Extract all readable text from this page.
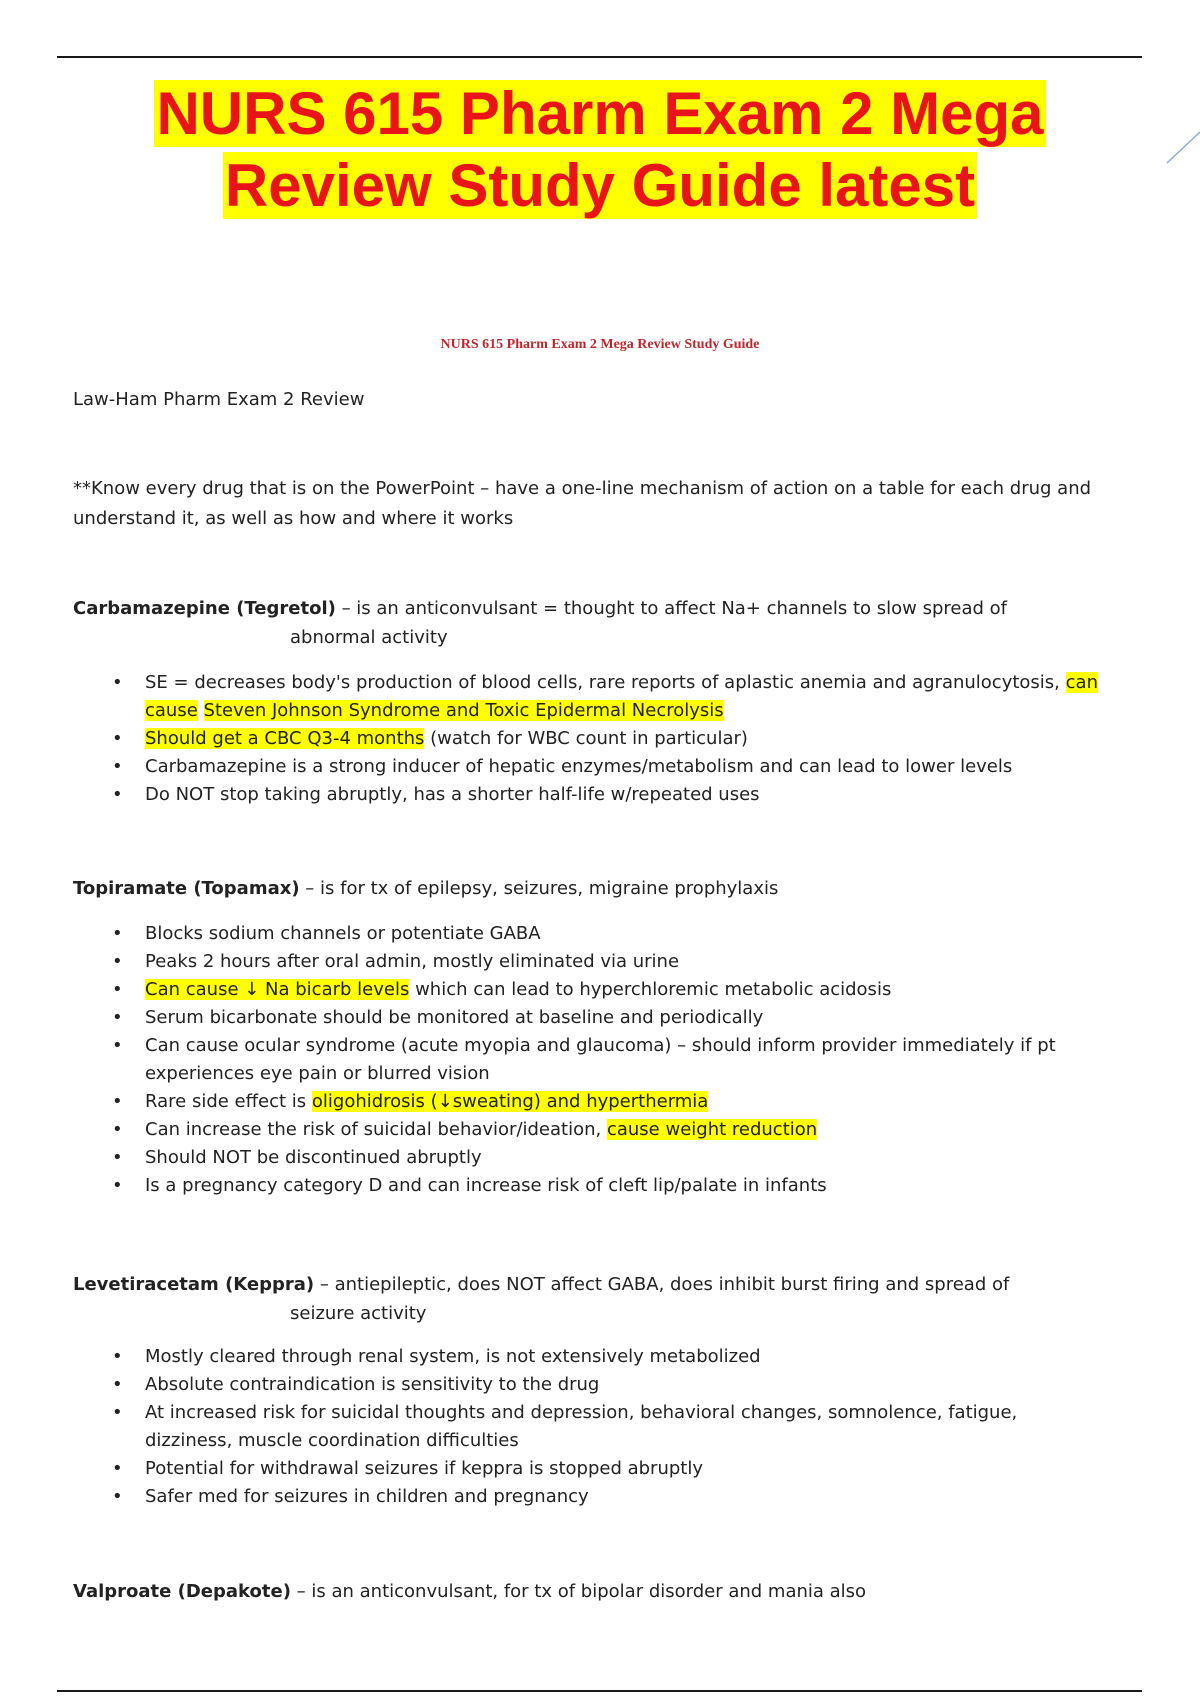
NURS 615 Pharm Exam 2 Mega
Review Study Guide latest
NURS 615 Pharm Exam 2 Mega Review Study Guide
Law-Ham Pharm Exam 2 Review
**Know every drug that is on the PowerPoint – have a one-line mechanism of action on a table for each drug and
understand it, as well as how and where it works
Carbamazepine (Tegretol) – is an anticonvulsant = thought to affect Na+ channels to slow spread of
abnormal activity
• SE = decreases body's production of blood cells, rare reports of aplastic anemia and agranulocytosis, can
cause Steven Johnson Syndrome and Toxic Epidermal Necrolysis
• Should get a CBC Q3-4 months (watch for WBC count in particular)
• Carbamazepine is a strong inducer of hepatic enzymes/metabolism and can lead to lower levels
• Do NOT stop taking abruptly, has a shorter half-life w/repeated uses
Topiramate (Topamax) – is for tx of epilepsy, seizures, migraine prophylaxis
• Blocks sodium channels or potentiate GABA
• Peaks 2 hours after oral admin, mostly eliminated via urine
• Can cause ↓ Na bicarb levels which can lead to hyperchloremic metabolic acidosis
• Serum bicarbonate should be monitored at baseline and periodically
• Can cause ocular syndrome (acute myopia and glaucoma) – should inform provider immediately if pt experiences eye pain or blurred vision
• Rare side effect is oligohidrosis (↓sweating) and hyperthermia
• Can increase the risk of suicidal behavior/ideation, cause weight reduction
• Should NOT be discontinued abruptly
• Is a pregnancy category D and can increase risk of cleft lip/palate in infants
Levetiracetam (Keppra) – antiepileptic, does NOT affect GABA, does inhibit burst firing and spread of
seizure activity
• Mostly cleared through renal system, is not extensively metabolized
• Absolute contraindication is sensitivity to the drug
• At increased risk for suicidal thoughts and depression, behavioral changes, somnolence, fatigue, dizziness, muscle coordination difficulties
• Potential for withdrawal seizures if keppra is stopped abruptly
• Safer med for seizures in children and pregnancy
Valproate (Depakote) – is an anticonvulsant, for tx of bipolar disorder and mania also
